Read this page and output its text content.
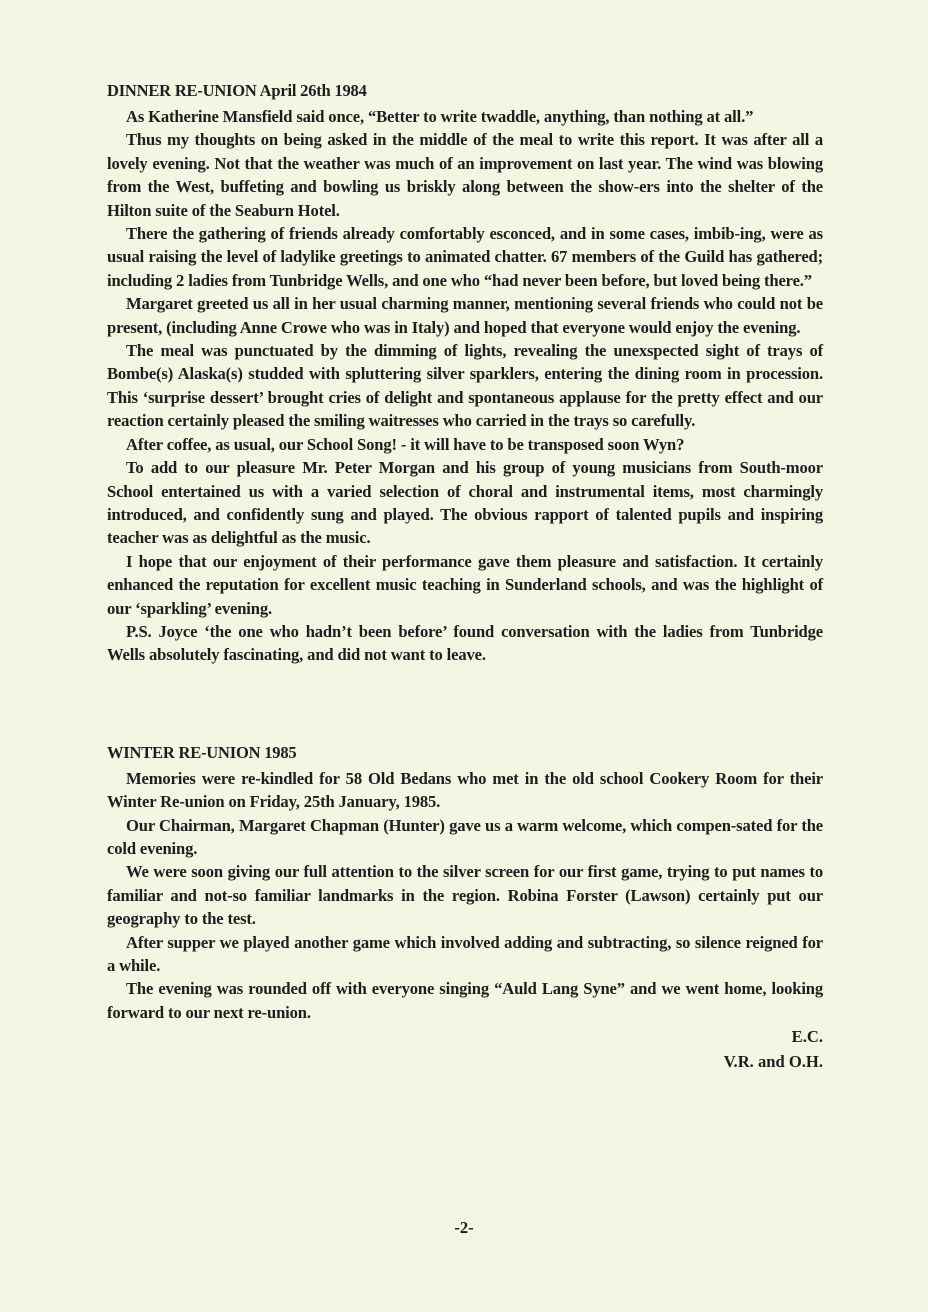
DINNER RE-UNION April 26th 1984

As Katherine Mansfield said once, “Better to write twaddle, anything, than nothing at all.”

Thus my thoughts on being asked in the middle of the meal to write this report. It was after all a lovely evening. Not that the weather was much of an improvement on last year. The wind was blowing from the West, buffeting and bowling us briskly along between the show-ers into the shelter of the Hilton suite of the Seaburn Hotel.

There the gathering of friends already comfortably esconced, and in some cases, imbib-ing, were as usual raising the level of ladylike greetings to animated chatter. 67 members of the Guild has gathered; including 2 ladies from Tunbridge Wells, and one who “had never been before, but loved being there.”

Margaret greeted us all in her usual charming manner, mentioning several friends who could not be present, (including Anne Crowe who was in Italy) and hoped that everyone would enjoy the evening.

The meal was punctuated by the dimming of lights, revealing the unexspected sight of trays of Bombe(s) Alaska(s) studded with spluttering silver sparklers, entering the dining room in procession. This ‘surprise dessert’ brought cries of delight and spontaneous applause for the pretty effect and our reaction certainly pleased the smiling waitresses who carried in the trays so carefully.

After coffee, as usual, our School Song! - it will have to be transposed soon Wyn?

To add to our pleasure Mr. Peter Morgan and his group of young musicians from South-moor School entertained us with a varied selection of choral and instrumental items, most charmingly introduced, and confidently sung and played. The obvious rapport of talented pupils and inspiring teacher was as delightful as the music.

I hope that our enjoyment of their performance gave them pleasure and satisfaction. It certainly enhanced the reputation for excellent music teaching in Sunderland schools, and was the highlight of our ‘sparkling’ evening.

P.S. Joyce ‘the one who hadn’t been before’ found conversation with the ladies from Tunbridge Wells absolutely fascinating, and did not want to leave.

WINTER RE-UNION 1985

Memories were re-kindled for 58 Old Bedans who met in the old school Cookery Room for their Winter Re-union on Friday, 25th January, 1985.

Our Chairman, Margaret Chapman (Hunter) gave us a warm welcome, which compen-sated for the cold evening.

We were soon giving our full attention to the silver screen for our first game, trying to put names to familiar and not-so familiar landmarks in the region. Robina Forster (Lawson) certainly put our geography to the test.

After supper we played another game which involved adding and subtracting, so silence reigned for a while.

The evening was rounded off with everyone singing “Auld Lang Syne” and we went home, looking forward to our next re-union.

E.C.

V.R. and O.H.

-2-
